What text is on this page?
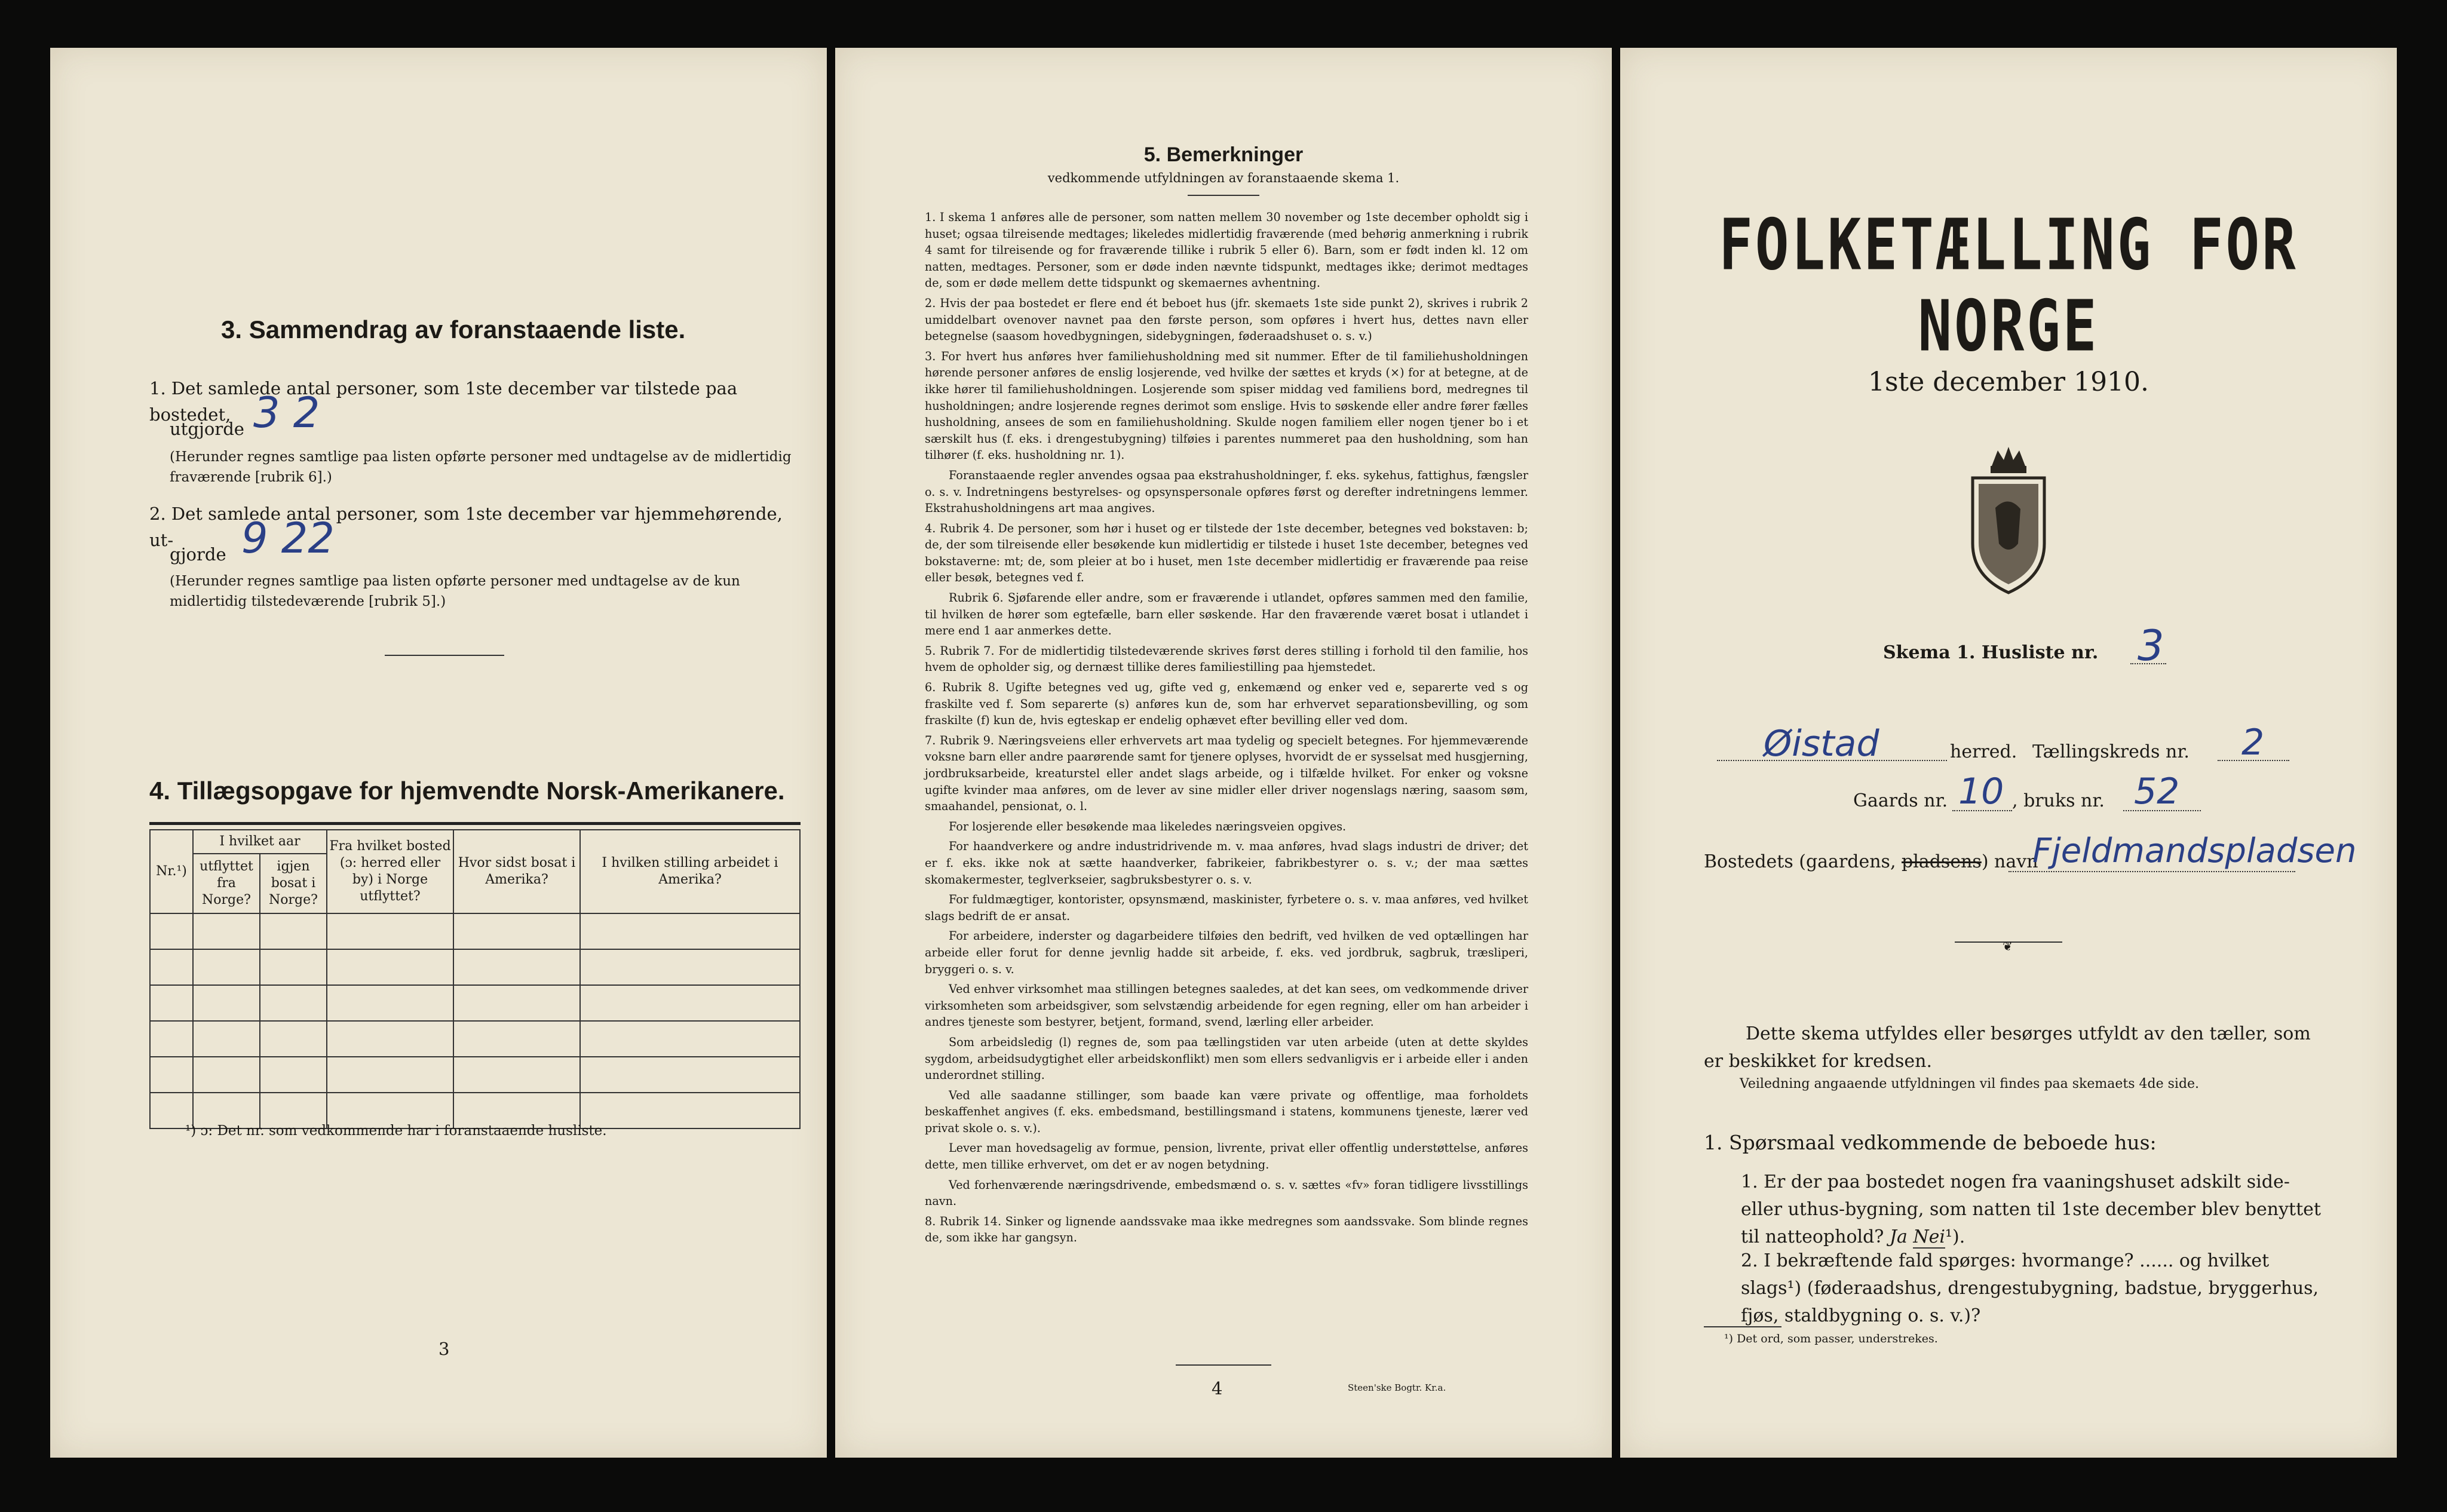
3. Sammendrag av foranstaaende liste.
1. Det samlede antal personer, som 1ste december var tilstede paa bostedet,
utgjorde 3 2
(Herunder regnes samtlige paa listen opførte personer med undtagelse av de midlertidig fraværende [rubrik 6].)
2. Det samlede antal personer, som 1ste december var hjemmehørende, ut-
gjorde 9 22
(Herunder regnes samtlige paa listen opførte personer med undtagelse av de kun midlertidig tilstedeværende [rubrik 5].)
4. Tillægsopgave for hjemvendte Norsk-Amerikanere.
Nr.¹)	I hvilket aar		Fra hvilket bosted (ɔ: herred eller by) i Norge utflyttet?	Hvor sidst bosat i Amerika?	I hvilken stilling arbeidet i Amerika?
	utflyttet fra Norge?	igjen bosat i Norge?			

¹) ɔ: Det nr. som vedkommende har i foranstaaende husliste.
3
5. Bemerkninger
vedkommende utfyldningen av foranstaaende skema 1.

1. I skema 1 anføres alle de personer, som natten mellem 30 november og 1ste december opholdt sig i huset; ogsaa tilreisende medtages; likeledes midlertidig fraværende (med behørig anmerkning i rubrik 4 samt for tilreisende og for fraværende tillike i rubrik 5 eller 6). Barn, som er født inden kl. 12 om natten, medtages. Personer, som er døde inden nævnte tidspunkt, medtages ikke; derimot medtages de, som er døde mellem dette tidspunkt og skemaernes avhentning.

2. Hvis der paa bostedet er flere end ét beboet hus (jfr. skemaets 1ste side punkt 2), skrives i rubrik 2 umiddelbart ovenover navnet paa den første person, som opføres i hvert hus, dettes navn eller betegnelse (saasom hovedbygningen, sidebygningen, føderaadshuset o. s. v.)

3. For hvert hus anføres hver familiehusholdning med sit nummer. Efter de til familiehusholdningen hørende personer anføres de enslig losjerende, ved hvilke der sættes et kryds (×) for at betegne, at de ikke hører til familiehusholdningen. Losjerende som spiser middag ved familiens bord, medregnes til husholdningen; andre losjerende regnes derimot som enslige. Hvis to søskende eller andre fører fælles husholdning, ansees de som en familiehusholdning. Skulde nogen familiem eller nogen tjener bo i et særskilt hus (f. eks. i drengestubygning) tilføies i parentes nummeret paa den husholdning, som han tilhører (f. eks. husholdning nr. 1).

Foranstaaende regler anvendes ogsaa paa ekstrahusholdninger, f. eks. sykehus, fattighus, fængsler o. s. v. Indretningens bestyrelses- og opsynspersonale opføres først og derefter indretningens lemmer. Ekstrahusholdningens art maa angives.

4. Rubrik 4. De personer, som hør i huset og er tilstede der 1ste december, betegnes ved bokstaven: b; de, der som tilreisende eller besøkende kun midlertidig er tilstede i huset 1ste december, betegnes ved bokstaverne: mt; de, som pleier at bo i huset, men 1ste december midlertidig er fraværende paa reise eller besøk, betegnes ved f.

Rubrik 6. Sjøfarende eller andre, som er fraværende i utlandet, opføres sammen med den familie, til hvilken de hører som egtefælle, barn eller søskende. Har den fraværende været bosat i utlandet i mere end 1 aar anmerkes dette.

5. Rubrik 7. For de midlertidig tilstedeværende skrives først deres stilling i forhold til den familie, hos hvem de opholder sig, og dernæst tillike deres familiestilling paa hjemstedet.

6. Rubrik 8. Ugifte betegnes ved ug, gifte ved g, enkemænd og enker ved e, separerte ved s og fraskilte ved f. Som separerte (s) anføres kun de, som har erhvervet separationsbevilling, og som fraskilte (f) kun de, hvis egteskap er endelig ophævet efter bevilling eller ved dom.

7. Rubrik 9. Næringsveiens eller erhvervets art maa tydelig og specielt betegnes. For hjemmeværende voksne barn eller andre paarørende samt for tjenere oplyses, hvorvidt de er sysselsat med husgjerning, jordbruksarbeide, kreaturstel eller andet slags arbeide, og i tilfælde hvilket. For enker og voksne ugifte kvinder maa anføres, om de lever av sine midler eller driver nogenslags næring, saasom søm, smaahandel, pensionat, o. l.

For losjerende eller besøkende maa likeledes næringsveien opgives.

For haandverkere og andre industridrivende m. v. maa anføres, hvad slags industri de driver; det er f. eks. ikke nok at sætte haandverker, fabrikeier, fabrikbestyrer o. s. v.; der maa sættes skomakermester, teglverkseier, sagbruksbestyrer o. s. v.

For fuldmægtiger, kontorister, opsynsmænd, maskinister, fyrbetere o. s. v. maa anføres, ved hvilket slags bedrift de er ansat.

For arbeidere, inderster og dagarbeidere tilføies den bedrift, ved hvilken de ved optællingen har arbeide eller forut for denne jevnlig hadde sit arbeide, f. eks. ved jordbruk, sagbruk, træsliperi, bryggeri o. s. v.

Ved enhver virksomhet maa stillingen betegnes saaledes, at det kan sees, om vedkommende driver virksomheten som arbeidsgiver, som selvstændig arbeidende for egen regning, eller om han arbeider i andres tjeneste som bestyrer, betjent, formand, svend, lærling eller arbeider.

Som arbeidsledig (l) regnes de, som paa tællingstiden var uten arbeide (uten at dette skyldes sygdom, arbeidsudygtighet eller arbeidskonflikt) men som ellers sedvanligvis er i arbeide eller i anden underordnet stilling.

Ved alle saadanne stillinger, som baade kan være private og offentlige, maa forholdets beskaffenhet angives (f. eks. embedsmand, bestillingsmand i statens, kommunens tjeneste, lærer ved privat skole o. s. v.).

Lever man hovedsagelig av formue, pension, livrente, privat eller offentlig understøttelse, anføres dette, men tillike erhvervet, om det er av nogen betydning.

Ved forhenværende næringsdrivende, embedsmænd o. s. v. sættes «fv» foran tidligere livsstillings navn.

8. Rubrik 14. Sinker og lignende aandssvake maa ikke medregnes som aandssvake. Som blinde regnes de, som ikke har gangsyn.

4	Steen'ske Bogtr. Kr.a.
FOLKETÆLLING FOR NORGE
1ste december 1910.
Skema 1. Husliste nr. 3
Øistad	herred. Tællingskreds nr. 2
Gaards nr. 10 , bruks nr. 52
Bostedets (gaardens, pladsens) navn
Fjeldmandspladsen
❦
Dette skema utfyldes eller besørges utfyldt av den tæller, som er beskikket for kredsen.
Veiledning angaaende utfyldningen vil findes paa skemaets 4de side.
1. Spørsmaal vedkommende de beboede hus:
1. Er der paa bostedet nogen fra vaaningshuset adskilt side- eller uthus-bygning, som natten til 1ste december blev benyttet til natteophold? Ja Nei¹).
2. I bekræftende fald spørges: hvormange? ...... og hvilket slags¹) (føderaadshus, drengestubygning, badstue, bryggerhus, fjøs, staldbygning o. s. v.)?
¹) Det ord, som passer, understrekes.
